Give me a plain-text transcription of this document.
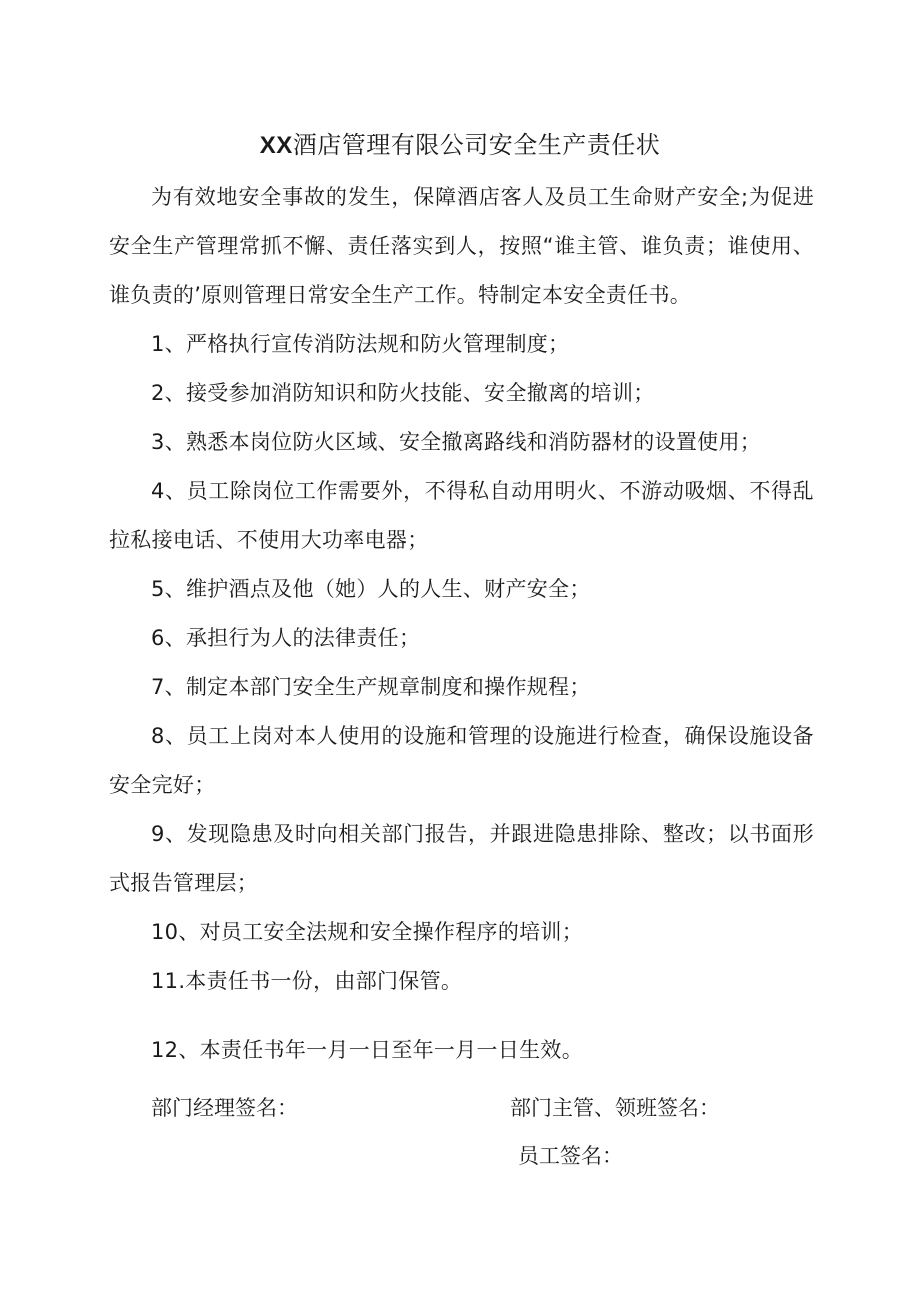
XX酒店管理有限公司安全生产责任状

为有效地安全事故的发生，保障酒店客人及员工生命财产安全;为促进安全生产管理常抓不懈、责任落实到人，按照“谁主管、谁负责；谁使用、谁负责的’原则管理日常安全生产工作。特制定本安全责任书。

1、严格执行宣传消防法规和防火管理制度；

2、接受参加消防知识和防火技能、安全撤离的培训；

3、熟悉本岗位防火区域、安全撤离路线和消防器材的设置使用；

4、员工除岗位工作需要外，不得私自动用明火、不游动吸烟、不得乱拉私接电话、不使用大功率电器；

5、维护酒点及他（她）人的人生、财产安全；

6、承担行为人的法律责任；

7、制定本部门安全生产规章制度和操作规程；

8、员工上岗对本人使用的设施和管理的设施进行检查，确保设施设备安全完好；

9、发现隐患及时向相关部门报告，并跟进隐患排除、整改；以书面形式报告管理层；

10、对员工安全法规和安全操作程序的培训；

11.本责任书一份，由部门保管。

12、本责任书年一月一日至年一月一日生效。

部门经理签名：	部门主管、领班签名：
员工签名：
